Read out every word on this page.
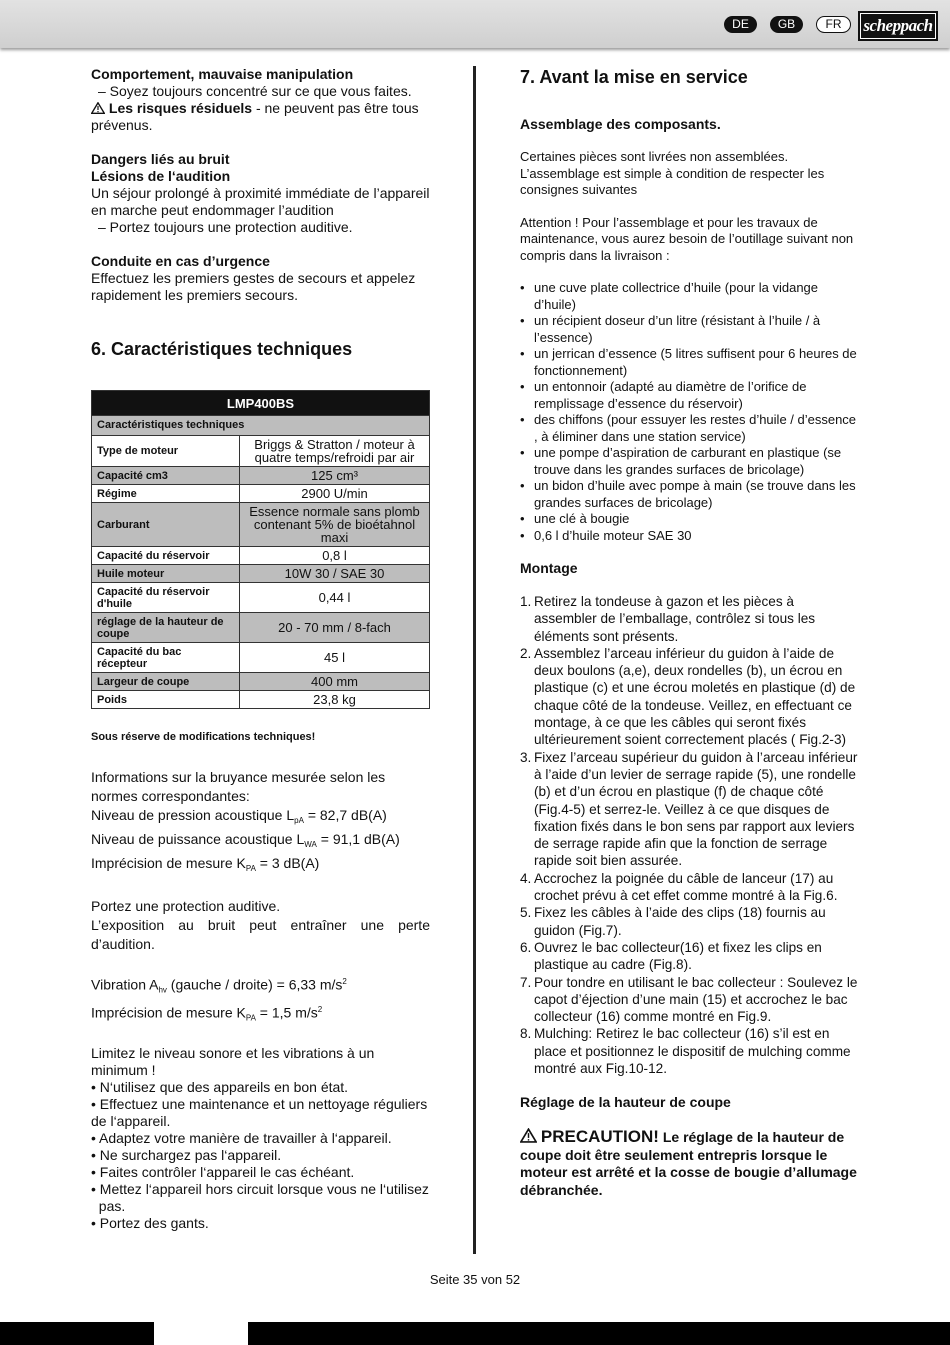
DE	GB	FR	scheppach

Comportement, mauvaise manipulation

– Soyez toujours concentré sur ce que vous faites.

Les risques résiduels - ne peuvent pas être tous prévenus.

Dangers liés au bruit

Lésions de l‘audition

Un séjour prolongé à proximité immédiate de l’appareil en marche peut endommager l’audition

– Portez toujours une protection auditive.

Conduite en cas d’urgence

Effectuez les premiers gestes de secours et appelez rapidement les premiers secours.

6. Caractéristiques techniques
LMP400BS	
Caractéristiques techniques	
Type de moteur	Briggs & Stratton / moteur à quatre temps/refroidi par air
Capacité cm3	125 cm³
Régime	2900 U/min
Carburant	Essence normale sans plomb contenant 5% de bioétahnol maxi
Capacité du réservoir	0,8 l
Huile moteur	10W 30 / SAE 30
Capacité du réservoir d'huile	0,44 l
réglage de la hauteur de coupe	20 - 70 mm / 8-fach
Capacité du bac récepteur	45 l
Largeur de coupe	400 mm
Poids	23,8 kg

Sous réserve de modifications techniques!

Informations sur la bruyance mesurée selon les normes correspondantes:

Niveau de pression acoustique $L_{pA} = 82,7$ dB(A)

Niveau de puissance acoustique $L_{WA} = 91,1$ dB(A)

Imprécision de mesure $K_{PA} = 3$ dB(A)

Portez une protection auditive.

L’exposition au bruit peut entraîner une perte d’audition.

Vibration $A_{hv}$ (gauche / droite) = 6,33 $m/s^2$

Imprécision de mesure $K_{PA} = 1,5$ $m/s^2$

Limitez le niveau sonore et les vibrations à un minimum !

• N‘utilisez que des appareils en bon état.

• Effectuez une maintenance et un nettoyage réguliers

de l‘appareil.

• Adaptez votre manière de travailler à l‘appareil.

• Ne surchargez pas l‘appareil.

• Faites contrôler l‘appareil le cas échéant.

• Mettez l‘appareil hors circuit lorsque vous ne l‘utilisez

pas.

• Portez des gants.

7. Avant la mise en service

Assemblage des composants.

Certaines pièces sont livrées non assemblées. L’assemblage est simple à condition de respecter les consignes suivantes

Attention ! Pour l’assemblage et pour les travaux de maintenance, vous aurez besoin de l’outillage suivant non compris dans la livraison :

• une cuve plate collectrice d’huile (pour la vidange d’huile)
• un récipient doseur d’un litre (résistant à l’huile / à l’essence)
• un jerrican d’essence (5 litres suffisent pour 6 heures de fonctionnement)
• un entonnoir (adapté au diamètre de l’orifice de remplissage d’essence du réservoir)
• des chiffons (pour essuyer les restes d’huile / d’essence , à éliminer dans une station service)
• une pompe d’aspiration de carburant en plastique (se trouve dans les grandes surfaces de bricolage)
• un bidon d’huile avec pompe à main (se trouve dans les grandes surfaces de bricolage)
• une clé à bougie
• 0,6 l d’huile moteur SAE 30

Montage

1. Retirez la tondeuse à gazon et les pièces à assembler de l’emballage, contrôlez si tous les éléments sont présents.
2. Assemblez l’arceau inférieur du guidon à l’aide de deux boulons (a,e), deux rondelles (b), un écrou en plastique (c) et une écrou moletés en plastique (d) de chaque côté de la tondeuse. Veillez, en effectuant ce montage, à ce que les câbles qui seront fixés ultérieurement soient correctement placés ( Fig.2-3)
3. Fixez l’arceau supérieur du guidon à l’arceau inférieur à l’aide d’un levier de serrage rapide (5), une rondelle (b) et d’un écrou en plastique (f) de chaque côté (Fig.4-5) et serrez-le. Veillez à ce que disques de fixation fixés dans le bon sens par rapport aux leviers de serrage rapide afin que la fonction de serrage rapide soit bien assurée.
4. Accrochez la poignée du câble de lanceur (17) au crochet prévu à cet effet comme montré à la Fig.6.
5. Fixez les câbles à l’aide des clips (18) fournis au guidon (Fig.7).
6. Ouvrez le bac collecteur(16) et fixez les clips en plastique au cadre (Fig.8).
7. Pour tondre en utilisant le bac collecteur : Soulevez le capot d’éjection d’une main (15) et accrochez le bac collecteur (16) comme montré en Fig.9.
8. Mulching: Retirez le bac collecteur (16) s’il est en place et positionnez le dispositif de mulching comme montré aux Fig.10-12.

Réglage de la hauteur de coupe

PRECAUTION! Le réglage de la hauteur de coupe doit être seulement entrepris lorsque le moteur est arrêté et la cosse de bougie d’allumage débranchée.

Seite 35 von 52
